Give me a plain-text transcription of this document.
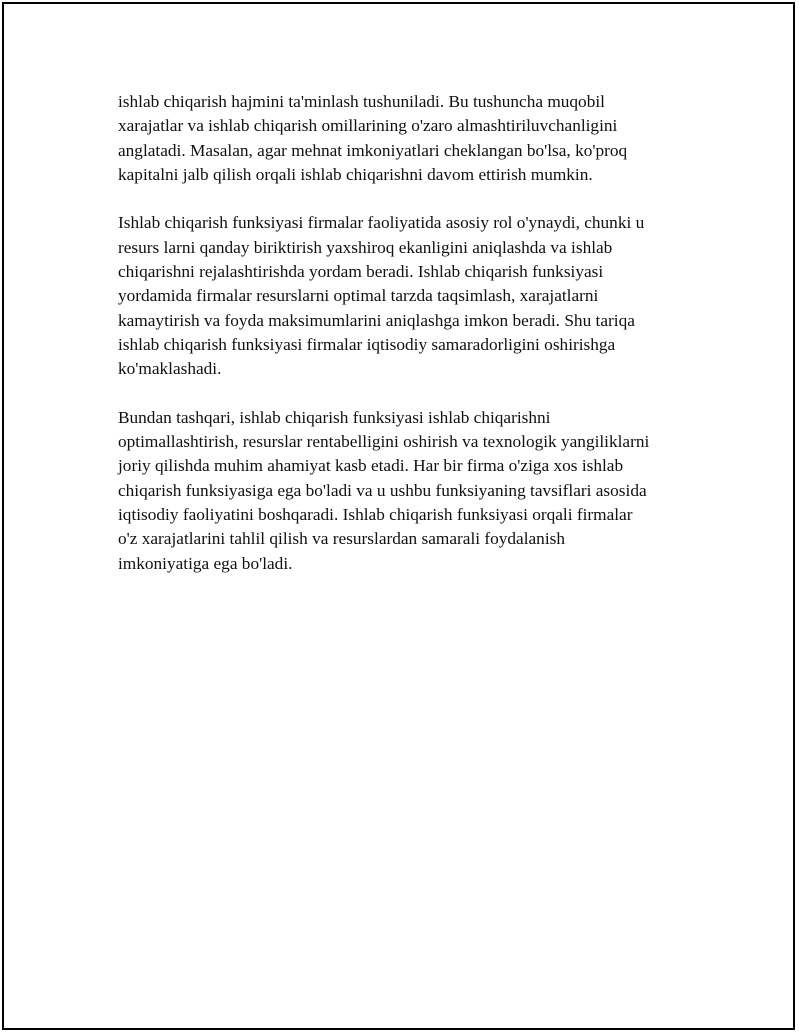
ishlab chiqarish hajmini ta'minlash tushuniladi. Bu tushuncha muqobil
xarajatlar va ishlab chiqarish omillarining o'zaro almashtiriluvchanligini
anglatadi. Masalan, agar mehnat imkoniyatlari cheklangan bo'lsa, ko'proq
kapitalni jalb qilish orqali ishlab chiqarishni davom ettirish mumkin.

Ishlab chiqarish funksiyasi firmalar faoliyatida asosiy rol o'ynaydi, chunki u
resurs larni qanday biriktirish yaxshiroq ekanligini aniqlashda va ishlab
chiqarishni rejalashtirishda yordam beradi. Ishlab chiqarish funksiyasi
yordamida firmalar resurslarni optimal tarzda taqsimlash, xarajatlarni
kamaytirish va foyda maksimumlarini aniqlashga imkon beradi. Shu tariqa
ishlab chiqarish funksiyasi firmalar iqtisodiy samaradorligini oshirishga
ko'maklashadi.

Bundan tashqari, ishlab chiqarish funksiyasi ishlab chiqarishni
optimallashtirish, resurslar rentabelligini oshirish va texnologik yangiliklarni
joriy qilishda muhim ahamiyat kasb etadi. Har bir firma o'ziga xos ishlab
chiqarish funksiyasiga ega bo'ladi va u ushbu funksiyaning tavsiflari asosida
iqtisodiy faoliyatini boshqaradi. Ishlab chiqarish funksiyasi orqali firmalar
o'z xarajatlarini tahlil qilish va resurslardan samarali foydalanish
imkoniyatiga ega bo'ladi.
